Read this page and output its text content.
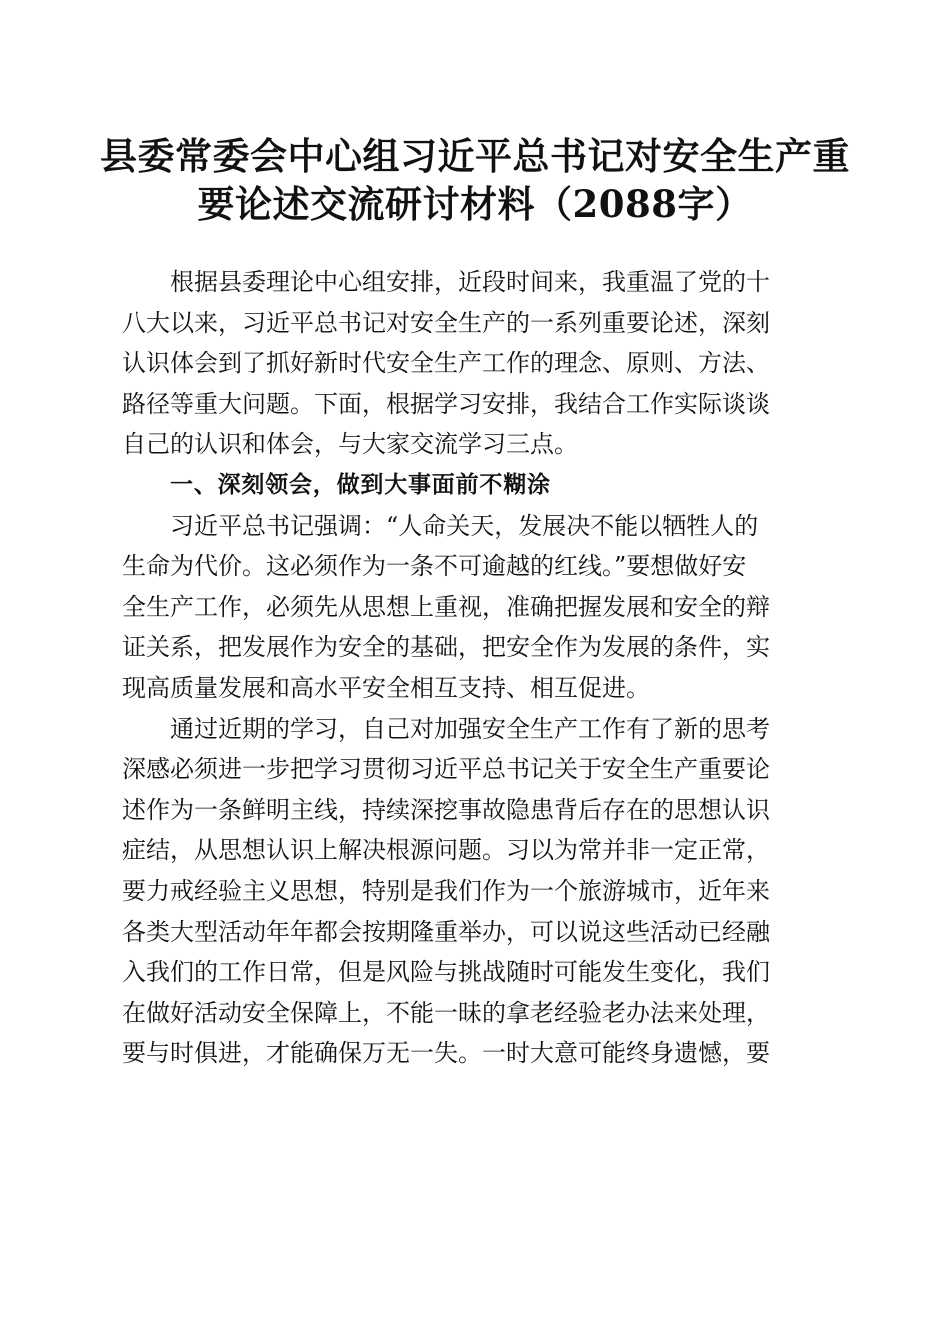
县委常委会中心组习近平总书记对安全生产重
要论述交流研讨材料（2088字）

根据县委理论中心组安排，近段时间来，我重温了党的十
八大以来，习近平总书记对安全生产的一系列重要论述，深刻
认识体会到了抓好新时代安全生产工作的理念、原则、方法、
路径等重大问题。下面，根据学习安排，我结合工作实际谈谈
自己的认识和体会，与大家交流学习三点。

一、深刻领会，做到大事面前不糊涂

习近平总书记强调：“人命关天，发展决不能以牺牲人的
生命为代价。这必须作为一条不可逾越的红线。”要想做好安
全生产工作，必须先从思想上重视，准确把握发展和安全的辩
证关系，把发展作为安全的基础，把安全作为发展的条件，实
现高质量发展和高水平安全相互支持、相互促进。

通过近期的学习，自己对加强安全生产工作有了新的思考
深感必须进一步把学习贯彻习近平总书记关于安全生产重要论
述作为一条鲜明主线，持续深挖事故隐患背后存在的思想认识
症结，从思想认识上解决根源问题。习以为常并非一定正常，
要力戒经验主义思想，特别是我们作为一个旅游城市，近年来
各类大型活动年年都会按期隆重举办，可以说这些活动已经融
入我们的工作日常，但是风险与挑战随时可能发生变化，我们
在做好活动安全保障上，不能一昧的拿老经验老办法来处理，
要与时俱进，才能确保万无一失。一时大意可能终身遗憾，要
